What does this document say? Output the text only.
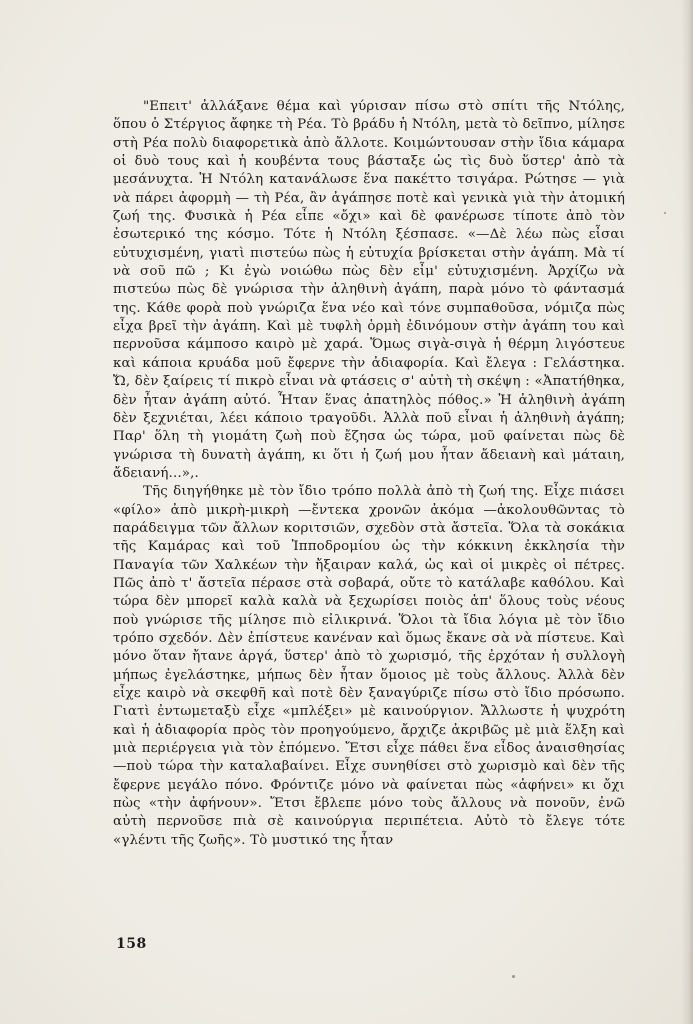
"Επειτ' ἀλλάξανε θέμα καὶ γύρισαν πίσω στὸ σπίτι τῆς Ντόλης, ὅπου ὁ Στέργιος ἄφηκε τὴ Ρέα. Τὸ βράδυ ἡ Ντόλη, μετὰ τὸ δεῖπνο, μίλησε στὴ Ρέα πολὺ διαφορετικὰ ἀπὸ ἄλλοτε. Κοιμώντουσαν στὴν ἴδια κάμαρα οἱ δυὸ τους καὶ ἡ κουβέντα τους βάσταξε ὡς τὶς δυὸ ὕστερ' ἀπὸ τὰ μεσάνυχτα. Ἡ Ντόλη κατανάλωσε ἕνα πακέττο τσιγάρα. Ρώτησε — γιὰ νὰ πάρει ἀφορμὴ — τὴ Ρέα, ἂν ἀγάπησε ποτὲ καὶ γενικὰ γιὰ τὴν ἀτομική ζωή της. Φυσικὰ ἡ Ρέα εἶπε «ὄχι» καὶ δὲ φανέρωσε τίποτε ἀπὸ τὸν ἐσωτερικό της κόσμο. Τότε ἡ Ντόλη ξέσπασε. «—Δὲ λέω πὼς εἶσαι εὐτυχισμένη, γιατὶ πιστεύω πὼς ἡ εὐτυχία βρίσκεται στὴν ἀγάπη. Μὰ τί νὰ σοῦ πῶ ; Κι ἐγὼ νοιώθω πὼς δὲν εἶμ' εὐτυχισμένη. Ἀρχίζω νὰ πιστεύω πὼς δὲ γνώρισα τὴν ἀληθινὴ ἀγάπη, παρὰ μόνο τὸ φάντασμά της. Κάθε φορὰ ποὺ γνώριζα ἕνα νέο καὶ τόνε συμπαθοῦσα, νόμιζα πὼς εἶχα βρεῖ τὴν ἀγάπη. Καὶ μὲ τυφλὴ ὁρμὴ ἐδινόμουν στὴν ἀγάπη του καὶ περνοῦσα κάμποσο καιρὸ μὲ χαρά. Ὅμως σιγὰ-σιγὰ ἡ θέρμη λιγόστευε καὶ κάποια κρυάδα μοῦ ἔφερνε τὴν ἀδιαφορία. Καὶ ἔλεγα : Γελάστηκα. Ὤ, δὲν ξαίρεις τί πικρὸ εἶναι νὰ φτάσεις σ' αὐτὴ τὴ σκέψη : «Ἀπατήθηκα, δὲν ἦταν ἀγάπη αὐτό. Ἦταν ἕνας ἀπατηλὸς πόθος.» Ἡ ἀληθινὴ ἀγάπη δὲν ξεχνιέται, λέει κάποιο τραγοῦδι. Ἀλλὰ ποῦ εἶναι ἡ ἀληθινὴ ἀγάπη; Παρ' ὅλη τὴ γιομάτη ζωὴ ποὺ ἔζησα ὡς τώρα, μοῦ φαίνεται πὼς δὲ γνώρισα τὴ δυνατὴ ἀγάπη, κι ὅτι ἡ ζωή μου ἦταν ἄδειανὴ καὶ μάταιη, ἄδειανή...»,.

Τῆς διηγήθηκε μὲ τὸν ἴδιο τρόπο πολλὰ ἀπὸ τὴ ζωή της. Εἶχε πιάσει «φίλο» ἀπὸ μικρὴ-μικρὴ —ἔντεκα χρονῶν ἀκόμα —ἀκολουθῶντας τὸ παράδειγμα τῶν ἄλλων κοριτσιῶν, σχεδὸν στὰ ἄστεῖα. Ὅλα τὰ σοκάκια τῆς Καμάρας καὶ τοῦ Ἱπποδρομίου ὡς τὴν κόκκινη ἐκκλησία τὴν Παναγία τῶν Χαλκέων τὴν ἤξαιραν καλά, ὡς καὶ οἱ μικρὲς οἱ πέτρες. Πῶς ἀπὸ τ' ἄστεῖα πέρασε στὰ σοβαρά, οὔτε τὸ κατάλαβε καθόλου. Καὶ τώρα δὲν μπορεῖ καλὰ καλὰ νὰ ξεχωρίσει ποιὸς ἀπ' ὅλους τοὺς νέους ποὺ γνώρισε τῆς μίλησε πιὸ εἰλικρινά. Ὅλοι τὰ ἴδια λόγια μὲ τὸν ἴδιο τρόπο σχεδόν. Δὲν ἐπίστευε κανέναν καὶ ὅμως ἔκανε σὰ νὰ πίστευε. Καὶ μόνο ὅταν ἤτανε ἀργά, ὕστερ' ἀπὸ τὸ χωρισμό, τῆς ἐρχόταν ἡ συλλογὴ μήπως ἐγελάστηκε, μήπως δὲν ἦταν ὅμοιος μὲ τοὺς ἄλλους. Ἀλλὰ δὲν εἶχε καιρὸ νὰ σκεφθῆ καὶ ποτὲ δὲν ξαναγύριζε πίσω στὸ ἴδιο πρόσωπο. Γιατὶ ἐντωμεταξὺ εἶχε «μπλέξει» μὲ καινούργιον. Ἄλλωστε ἡ ψυχρότη καὶ ἡ ἀδιαφορία πρὸς τὸν προηγούμενο, ἄρχιζε ἀκριβῶς μὲ μιὰ ἕλξη καὶ μιὰ περιέργεια γιὰ τὸν ἑπόμενο. Ἔτσι εἶχε πάθει ἕνα εἶδος ἀναισθησίας —ποὺ τώρα τὴν καταλαβαίνει. Εἶχε συνηθίσει στὸ χωρισμὸ καὶ δὲν τῆς ἔφερνε μεγάλο πόνο. Φρόντιζε μόνο νὰ φαίνεται πὼς «ἀφήνει» κι ὄχι πὼς «τὴν ἀφήνουν». Ἔτσι ἔβλεπε μόνο τοὺς ἄλλους νὰ πονοῦν, ἐνῶ αὐτὴ περνοῦσε πιὰ σὲ καινούργια περιπέτεια. Αὐτὸ τὸ ἔλεγε τότε «γλέντι τῆς ζωῆς». Τὸ μυστικό της ἦταν

158
